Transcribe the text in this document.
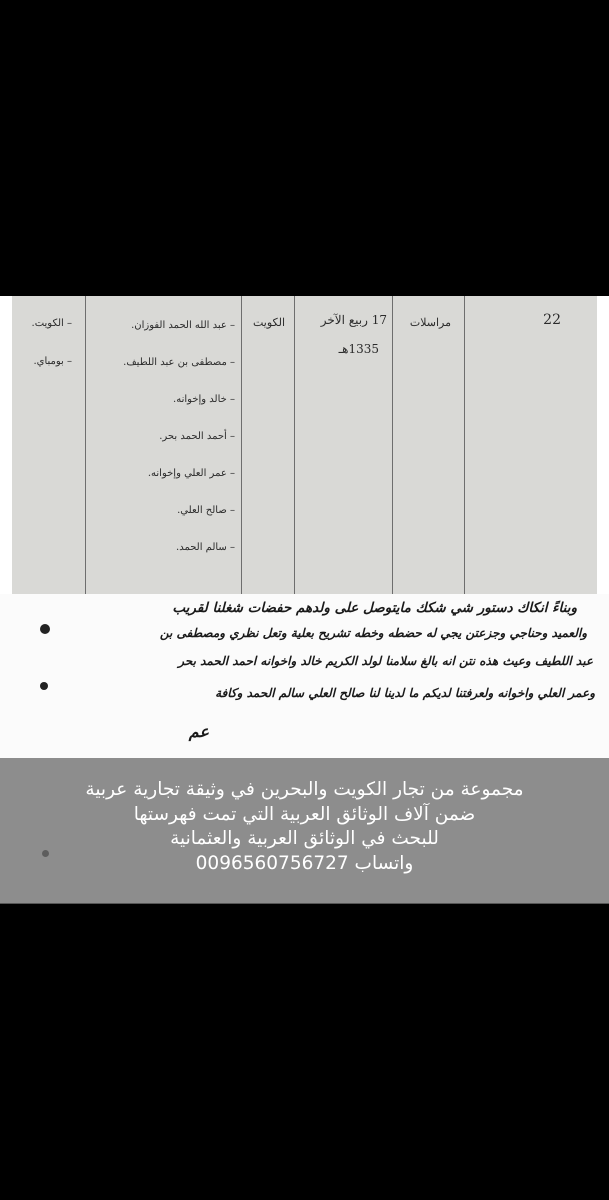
22
مراسلات
17 ربيع الآخر
1335هـ
الكويت
– عبد الله الحمد الفوزان.
– مصطفى بن عبد اللطيف.
– خالد وإخوانه.
– أحمد الحمد بحر.
– عمر العلي وإخوانه.
– صالح العلي.
– سالم الحمد.
– الكويت.
– بومباي.
وبناءً انكاك دستور شي شكك مايتوصل على ولدهم حفضات شغلنا لقريب
والعميد وحناجي وجزعتن يجي له حضطه وخطه تشريح بعلية وتعل نظري ومصطفى بن
عبد اللطيف وعيث هذه نتن انه بالغ سلامنا لولد الكريم خالد واخوانه احمد الحمد بحر
وعمر العلي واخوانه ولعرفتنا لديكم ما لدينا لنا صالح العلي سالم الحمد وكافة
عم

مجموعة من تجار الكويت والبحرين في وثيقة تجارية عربية

ضمن آلاف الوثائق العربية التي تمت فهرستها

للبحث في الوثائق العربية والعثمانية

واتساب 0096560756727
